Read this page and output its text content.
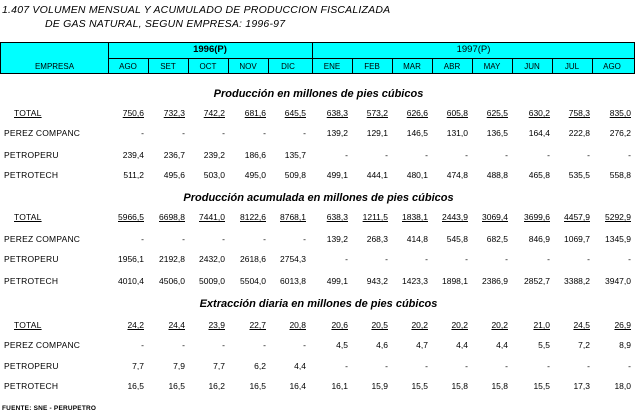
1.407 VOLUMEN MENSUAL Y ACUMULADO DE PRODUCCION FISCALIZADA
DE GAS NATURAL, SEGUN EMPRESA: 1996-97
1996(P)	1997(P)
EMPRESA	AGO	SET	OCT	NOV	DIC	ENE	FEB	MAR	ABR	MAY	JUN	JUL	AGO
Producción en millones de pies cúbicos
TOTAL	750,6	732,3	742,2	681,6	645,5	638,3	573,2	626,6	605,8	625,5	630,2	758,3	835,0
PEREZ COMPANC	-	-	-	-	-	139,2	129,1	146,5	131,0	136,5	164,4	222,8	276,2
PETROPERU	239,4	236,7	239,2	186,6	135,7	-	-	-	-	-	-	-	-
PETROTECH	511,2	495,6	503,0	495,0	509,8	499,1	444,1	480,1	474,8	488,8	465,8	535,5	558,8
Producción acumulada en millones de pies cúbicos
TOTAL	5966,5	6698,8	7441,0	8122,6	8768,1	638,3	1211,5	1838,1	2443,9	3069,4	3699,6	4457,9	5292,9
PEREZ COMPANC	-	-	-	-	-	139,2	268,3	414,8	545,8	682,5	846,9	1069,7	1345,9
PETROPERU	1956,1	2192,8	2432,0	2618,6	2754,3	-	-	-	-	-	-	-	-
PETROTECH	4010,4	4506,0	5009,0	5504,0	6013,8	499,1	943,2	1423,3	1898,1	2386,9	2852,7	3388,2	3947,0
Extracción diaria en millones de pies cúbicos
TOTAL	24,2	24,4	23,9	22,7	20,8	20,6	20,5	20,2	20,2	20,2	21,0	24,5	26,9
PEREZ COMPANC	-	-	-	-	-	4,5	4,6	4,7	4,4	4,4	5,5	7,2	8,9
PETROPERU	7,7	7,9	7,7	6,2	4,4	-	-	-	-	-	-	-	-
PETROTECH	16,5	16,5	16,2	16,5	16,4	16,1	15,9	15,5	15,8	15,8	15,5	17,3	18,0
FUENTE: SNE - PERUPETRO
